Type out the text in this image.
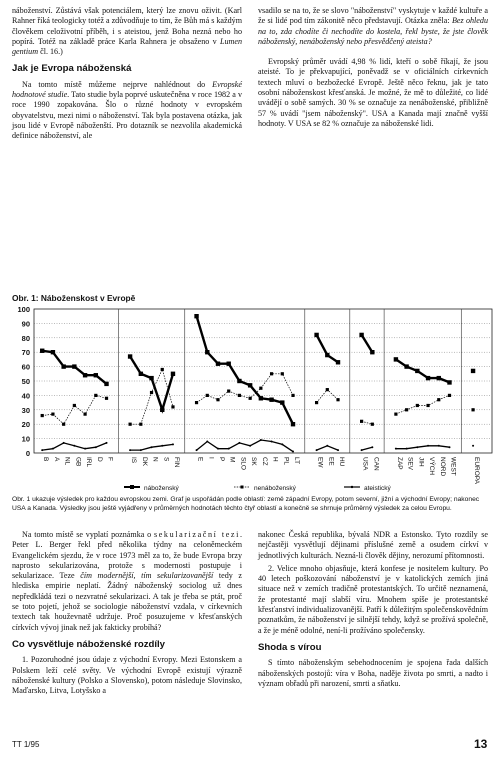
náboženství. Zůstává však potenciálem, který lze znovu oživit. (Karl Rahner říká teologicky totéž a zdůvodňuje to tím, že Bůh má s každým člověkem celoživotní příběh, i s ateistou, jenž Boha nezná nebo ho popírá. Totéž na základě práce Karla Rahnera je obsaženo v Lumen gentium čl. 16.)

Jak je Evropa náboženská

Na tomto místě můžeme nejprve nahlédnout do Evropské hodnotové studie. Tato studie byla poprvé uskutečněna v roce 1982 a v roce 1990 zopakována. Šlo o různé hodnoty v evropském obyvatelstvu, mezi nimi o náboženství. Tak byla postavena otázka, jak jsou lidé v Evropě náboženští. Pro dotazník se nezvolila akademická definice náboženství, ale

vsadilo se na to, že se slovo "náboženství" vyskytuje v každé kultuře a že si lidé pod tím zákonitě něco představují. Otázka zněla: Bez ohledu na to, zda chodíte či nechodíte do kostela, řekl byste, že jste člověk náboženský, nenáboženský nebo přesvědčený ateista?

Evropský průměr uvádí 4,98 % lidí, kteří o sobě říkají, že jsou ateisté. To je překvapující, poněvadž se v oficiálních církevních textech mluví o bezbožecké Evropě. Ještě něco řeknu, jak je tato osobní náboženskost křesťanská. Je možné, že mě to důležité, co lidé uvádějí o sobě samých. 30 % se označuje za nenáboženské, přibližně 57 % uvádí "jsem náboženský". USA a Kanada mají značně vyšší hodnoty. V USA se 82 % označuje za náboženské lidi.

Obr. 1: Náboženskost v Evropě
0
10
20
30
40
50
60
70
80
90
100
B A NL GB IRL D F	IS DK N S FIN	E I P M SLO SK CZ H PL LT	EW EE HU	USA CAN	ZAP SEV JIH VÝCH NORD WEST	EUROPA
náboženský	nenáboženský	ateistický
Obr. 1 ukazuje výsledek pro každou evropskou zemi. Graf je uspořádán podle oblastí: země západní Evropy, potom severní, jižní a východní Evropy; nakonec USA a Kanada. Výsledky jsou ještě vyjádřeny v průměrných hodnotách těchto čtyř oblastí a konečně se shrnuje průměrný výsledek za celou Evropu.

Na tomto místě se vyplatí poznámka o sekularizační tezi. Peter L. Berger řekl před několika týdny na celoněmeckém Evangelickém sjezdu, že v roce 1973 měl za to, že bude Evropa brzy naprosto sekularizována, protože s modernosti postupuje i sekularizace. Teze čím modernější, tím sekularizovanější tedy z hlediska empirie neplatí. Žádný náboženský sociolog už dnes nepředkládá tezi o nezvratné sekularizaci. A tak je třeba se ptát, proč se toto pojetí, jehož se sociologie náboženství vzdala, v církevních textech tak houževnatě udržuje. Proč posuzujeme v křesťanských církvích vývoj jinak než jak fakticky probíhá?

Co vysvětluje náboženské rozdíly

1. Pozoruhodné jsou údaje z východní Evropy. Mezi Estonskem a Polskem leží celé světy. Ve východní Evropě existují výrazně náboženské kultury (Polsko a Slovensko), potom následuje Slovinsko, Maďarsko, Litva, Lotyšsko a

nakonec Česká republika, bývalá NDR a Estonsko. Tyto rozdíly se nejčastěji vysvětlují dějinami příslušné země a osudem církví v jednotlivých kulturách. Nezná-li člověk dějiny, nerozumí přítomnosti.

2. Velice mnoho objasňuje, která konfese je nositelem kultury. Po 40 letech poškozování náboženství je v katolických zemích jiná situace než v zemích tradičně protestantských. To určitě neznamená, že protestanté mají slabší víru. Mnohem spíše je protestantské křesťanství individualizovanější. Patří k důležitým společenskovědním poznatkům, že náboženství je silnější tehdy, když se prožívá společně, a že je méně odolné, není-li prožíváno společensky.

Shoda s vírou

S tímto náboženským sebehodnocením je spojena řada dalších náboženských postojů: víra v Boha, naděje života po smrti, a nadto i význam obřadů při narození, smrti a sňatku.

TT 1/95	13
